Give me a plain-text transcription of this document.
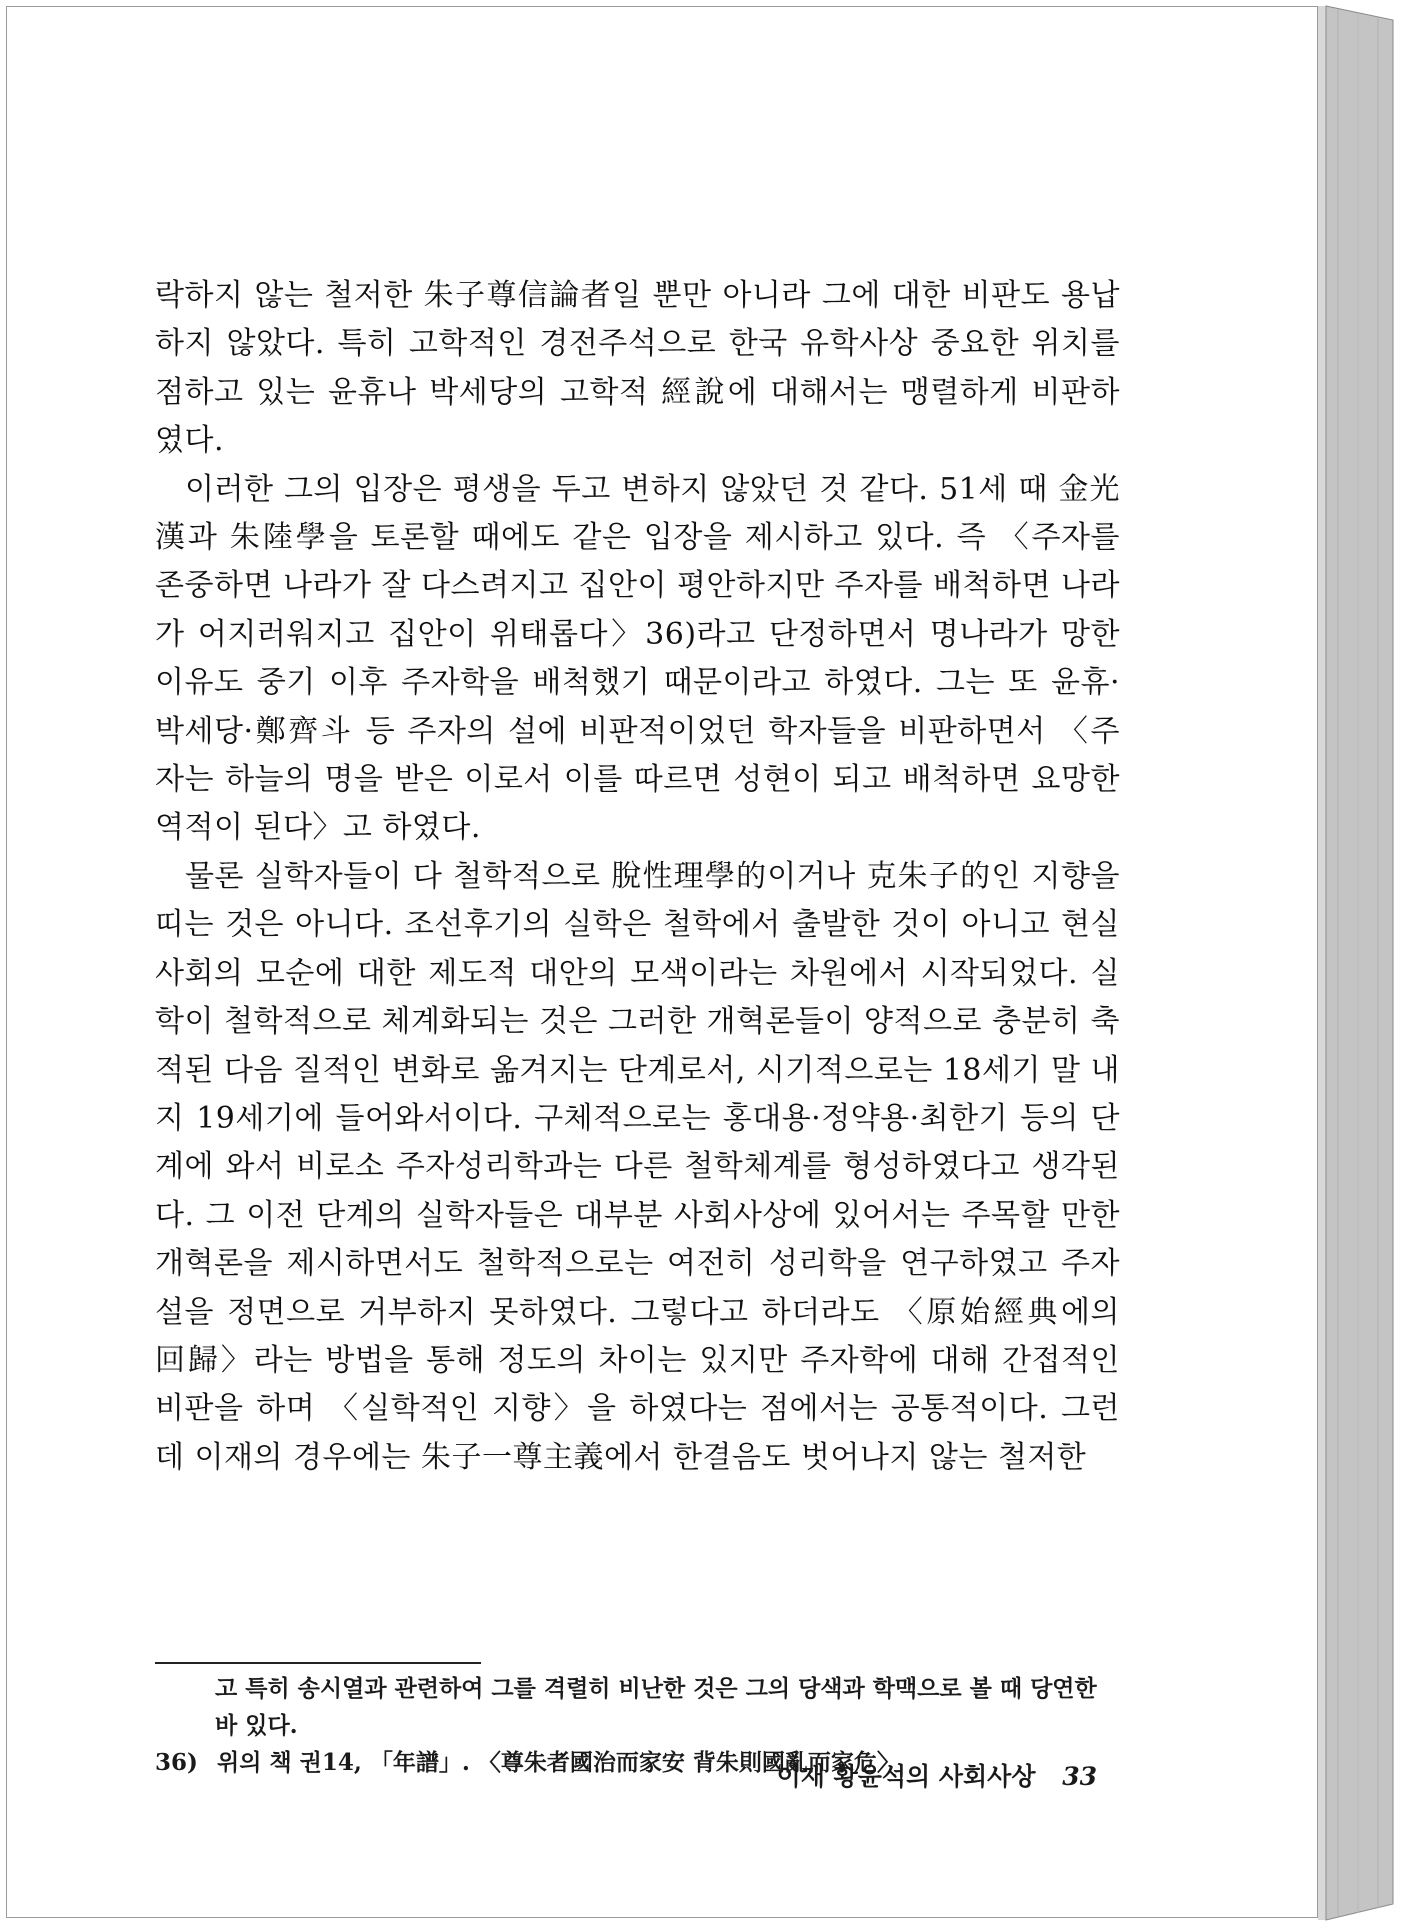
락하지 않는 철저한 朱子尊信論者일 뿐만 아니라 그에 대한 비판도 용납하지 않았다. 특히 고학적인 경전주석으로 한국 유학사상 중요한 위치를 점하고 있는 윤휴나 박세당의 고학적 經說에 대해서는 맹렬하게 비판하였다.

이러한 그의 입장은 평생을 두고 변하지 않았던 것 같다. 51세 때 金光漢과 朱陸學을 토론할 때에도 같은 입장을 제시하고 있다. 즉 〈주자를 존중하면 나라가 잘 다스려지고 집안이 평안하지만 주자를 배척하면 나라가 어지러워지고 집안이 위태롭다〉36)라고 단정하면서 명나라가 망한 이유도 중기 이후 주자학을 배척했기 때문이라고 하였다. 그는 또 윤휴·박세당·鄭齊斗 등 주자의 설에 비판적이었던 학자들을 비판하면서 〈주자는 하늘의 명을 받은 이로서 이를 따르면 성현이 되고 배척하면 요망한 역적이 된다〉고 하였다.

물론 실학자들이 다 철학적으로 脫性理學的이거나 克朱子的인 지향을 띠는 것은 아니다. 조선후기의 실학은 철학에서 출발한 것이 아니고 현실사회의 모순에 대한 제도적 대안의 모색이라는 차원에서 시작되었다. 실학이 철학적으로 체계화되는 것은 그러한 개혁론들이 양적으로 충분히 축적된 다음 질적인 변화로 옮겨지는 단계로서, 시기적으로는 18세기 말 내지 19세기에 들어와서이다. 구체적으로는 홍대용·정약용·최한기 등의 단계에 와서 비로소 주자성리학과는 다른 철학체계를 형성하였다고 생각된다. 그 이전 단계의 실학자들은 대부분 사회사상에 있어서는 주목할 만한 개혁론을 제시하면서도 철학적으로는 여전히 성리학을 연구하였고 주자설을 정면으로 거부하지 못하였다. 그렇다고 하더라도 〈原始經典에의 回歸〉라는 방법을 통해 정도의 차이는 있지만 주자학에 대해 간접적인 비판을 하며 〈실학적인 지향〉을 하였다는 점에서는 공통적이다. 그런데 이재의 경우에는 朱子一尊主義에서 한결음도 벗어나지 않는 철저한

고 특히 송시열과 관련하여 그를 격렬히 비난한 것은 그의 당색과 학맥으로 볼 때 당연한 바 있다.

36) 위의 책 권14, 「年譜」. 〈尊朱者國治而家安 背朱則國亂而家危〉

이재 황윤석의 사회사상 33
